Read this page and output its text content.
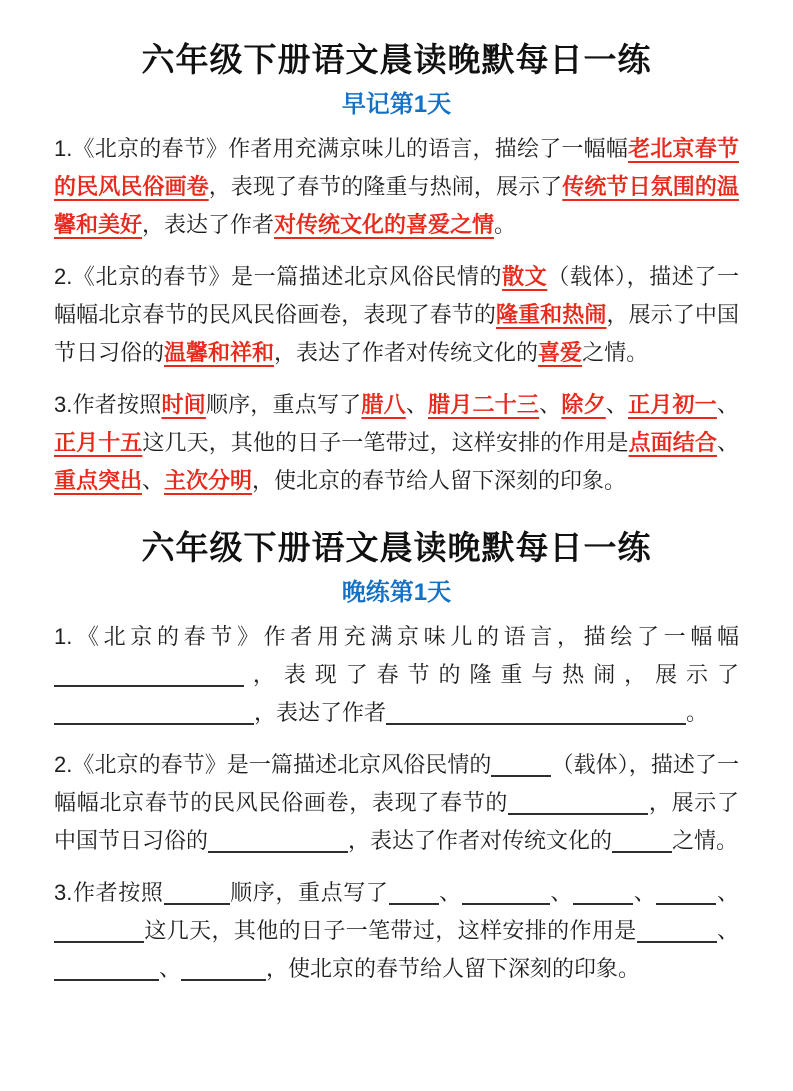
六年级下册语文晨读晚默每日一练
早记第1天

1.《北京的春节》作者用充满京味儿的语言，描绘了一幅幅老北京春节的民风民俗画卷，表现了春节的隆重与热闹，展示了传统节日氛围的温馨和美好，表达了作者对传统文化的喜爱之情。

2.《北京的春节》是一篇描述北京风俗民情的散文（载体），描述了一幅幅北京春节的民风民俗画卷，表现了春节的隆重和热闹，展示了中国节日习俗的温馨和祥和，表达了作者对传统文化的喜爱之情。

3.作者按照时间顺序，重点写了腊八、腊月二十三、除夕、正月初一、正月十五这几天，其他的日子一笔带过，这样安排的作用是点面结合、重点突出、主次分明，使北京的春节给人留下深刻的印象。

六年级下册语文晨读晚默每日一练
晚练第1天

1.《北京的春节》作者用充满京味儿的语言，描绘了一幅幅，表现了春节的隆重与热闹，展示了，表达了作者	。

2.《北京的春节》是一篇描述北京风俗民情的	（载体），描述了一幅幅北京春节的民风民俗画卷，表现了春节的	，展示了中国节日习俗的	，表达了作者对传统文化的	之情。

3.作者按照	顺序，重点写了 、	、	、	、这几天，其他的日子一笔带过，这样安排的作用是	、、	，使北京的春节给人留下深刻的印象。
